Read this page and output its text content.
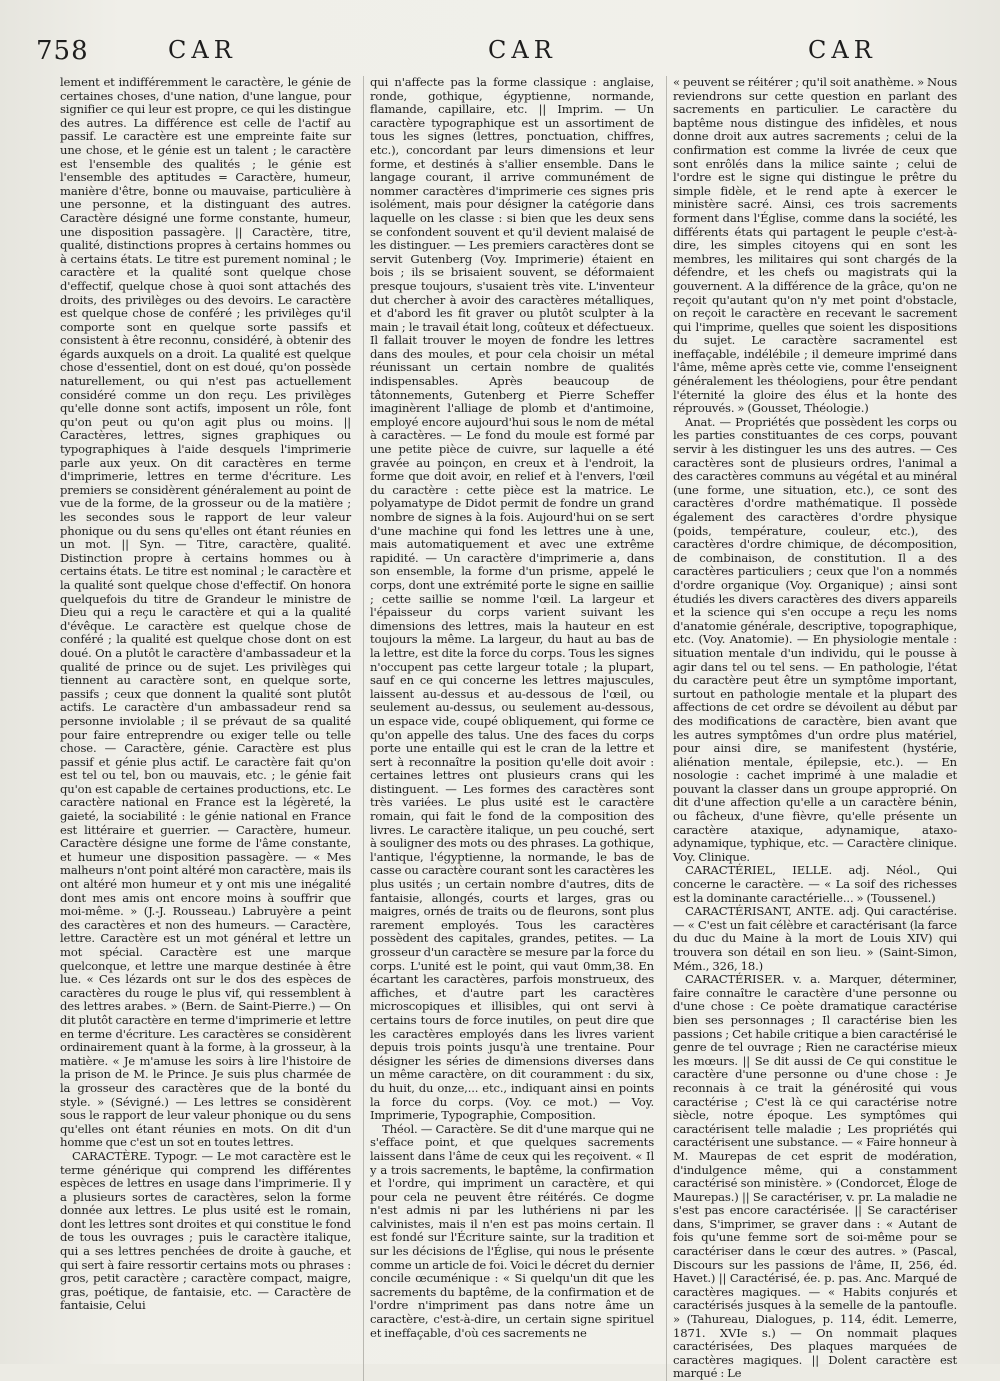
758	CAR	CAR	CAR

lement et indifféremment le caractère, le génie de certaines choses, d'une nation, d'une langue, pour signifier ce qui leur est propre, ce qui les distingue des autres. La différence est celle de l'actif au passif. Le caractère est une empreinte faite sur une chose, et le génie est un talent ; le caractère est l'ensemble des qualités ; le génie est l'ensemble des aptitudes = Caractère, humeur, manière d'être, bonne ou mauvaise, particulière à une personne, et la distinguant des autres. Caractère désigné une forme constante, humeur, une disposition passagère. || Caractère, titre, qualité, distinctions propres à certains hommes ou à certains états. Le titre est purement nominal ; le caractère et la qualité sont quelque chose d'effectif, quelque chose à quoi sont attachés des droits, des privilèges ou des devoirs. Le caractère est quelque chose de conféré ; les privilèges qu'il comporte sont en quelque sorte passifs et consistent à être reconnu, considéré, à obtenir des égards auxquels on a droit. La qualité est quelque chose d'essentiel, dont on est doué, qu'on possède naturellement, ou qui n'est pas actuellement considéré comme un don reçu. Les privilèges qu'elle donne sont actifs, imposent un rôle, font qu'on peut ou qu'on agit plus ou moins. || Caractères, lettres, signes graphiques ou typographiques à l'aide desquels l'imprimerie parle aux yeux. On dit caractères en terme d'imprimerie, lettres en terme d'écriture. Les premiers se considèrent généralement au point de vue de la forme, de la grosseur ou de la matière ; les secondes sous le rapport de leur valeur phonique ou du sens qu'elles ont étant réunies en un mot. || Syn. — Titre, caractère, qualité. Distinction propre à certains hommes ou à certains états. Le titre est nominal ; le caractère et la qualité sont quelque chose d'effectif. On honora quelquefois du titre de Grandeur le ministre de Dieu qui a reçu le caractère et qui a la qualité d'évêque. Le caractère est quelque chose de conféré ; la qualité est quelque chose dont on est doué. On a plutôt le caractère d'ambassadeur et la qualité de prince ou de sujet. Les privilèges qui tiennent au caractère sont, en quelque sorte, passifs ; ceux que donnent la qualité sont plutôt actifs. Le caractère d'un ambassadeur rend sa personne inviolable ; il se prévaut de sa qualité pour faire entreprendre ou exiger telle ou telle chose. — Caractère, génie. Caractère est plus passif et génie plus actif. Le caractère fait qu'on est tel ou tel, bon ou mauvais, etc. ; le génie fait qu'on est capable de certaines productions, etc. Le caractère national en France est la légèreté, la gaieté, la sociabilité : le génie national en France est littéraire et guerrier. — Caractère, humeur. Caractère désigne une forme de l'âme constante, et humeur une disposition passagère. — « Mes malheurs n'ont point altéré mon caractère, mais ils ont altéré mon humeur et y ont mis une inégalité dont mes amis ont encore moins à souffrir que moi-même. » (J.-J. Rousseau.) Labruyère a peint des caractères et non des humeurs. — Caractère, lettre. Caractère est un mot général et lettre un mot spécial. Caractère est une marque quelconque, et lettre une marque destinée à être lue. « Ces lézards ont sur le dos des espèces de caractères du rouge le plus vif, qui ressemblent à des lettres arabes. » (Bern. de Saint-Pierre.) — On dit plutôt caractère en terme d'imprimerie et lettre en terme d'écriture. Les caractères se considèrent ordinairement quant à la forme, à la grosseur, à la matière. « Je m'amuse les soirs à lire l'histoire de la prison de M. le Prince. Je suis plus charmée de la grosseur des caractères que de la bonté du style. » (Sévigné.) — Les lettres se considèrent sous le rapport de leur valeur phonique ou du sens qu'elles ont étant réunies en mots. On dit d'un homme que c'est un sot en toutes lettres.

CARACTÈRE. Typogr. — Le mot caractère est le terme générique qui comprend les différentes espèces de lettres en usage dans l'imprimerie. Il y a plusieurs sortes de caractères, selon la forme donnée aux lettres. Le plus usité est le romain, dont les lettres sont droites et qui constitue le fond de tous les ouvrages ; puis le caractère italique, qui a ses lettres penchées de droite à gauche, et qui sert à faire ressortir certains mots ou phrases : gros, petit caractère ; caractère compact, maigre, gras, poétique, de fantaisie, etc. — Caractère de fantaisie, Celui

qui n'affecte pas la forme classique : anglaise, ronde, gothique, égyptienne, normande, flamande, capillaire, etc. || Imprim. — Un caractère typographique est un assortiment de tous les signes (lettres, ponctuation, chiffres, etc.), concordant par leurs dimensions et leur forme, et destinés à s'allier ensemble. Dans le langage courant, il arrive communément de nommer caractères d'imprimerie ces signes pris isolément, mais pour désigner la catégorie dans laquelle on les classe : si bien que les deux sens se confondent souvent et qu'il devient malaisé de les distinguer. — Les premiers caractères dont se servit Gutenberg (Voy. Imprimerie) étaient en bois ; ils se brisaient souvent, se déformaient presque toujours, s'usaient très vite. L'inventeur dut chercher à avoir des caractères métalliques, et d'abord les fit graver ou plutôt sculpter à la main ; le travail était long, coûteux et défectueux. Il fallait trouver le moyen de fondre les lettres dans des moules, et pour cela choisir un métal réunissant un certain nombre de qualités indispensables. Après beaucoup de tâtonnements, Gutenberg et Pierre Scheffer imaginèrent l'alliage de plomb et d'antimoine, employé encore aujourd'hui sous le nom de métal à caractères. — Le fond du moule est formé par une petite pièce de cuivre, sur laquelle a été gravée au poinçon, en creux et à l'endroit, la forme que doit avoir, en relief et à l'envers, l'œil du caractère : cette pièce est la matrice. Le polyamatype de Didot permit de fondre un grand nombre de signes à la fois. Aujourd'hui on se sert d'une machine qui fond les lettres une à une, mais automatiquement et avec une extrême rapidité. — Un caractère d'imprimerie a, dans son ensemble, la forme d'un prisme, appelé le corps, dont une extrémité porte le signe en saillie ; cette saillie se nomme l'œil. La largeur et l'épaisseur du corps varient suivant les dimensions des lettres, mais la hauteur en est toujours la même. La largeur, du haut au bas de la lettre, est dite la force du corps. Tous les signes n'occupent pas cette largeur totale ; la plupart, sauf en ce qui concerne les lettres majuscules, laissent au-dessus et au-dessous de l'œil, ou seulement au-dessus, ou seulement au-dessous, un espace vide, coupé obliquement, qui forme ce qu'on appelle des talus. Une des faces du corps porte une entaille qui est le cran de la lettre et sert à reconnaître la position qu'elle doit avoir : certaines lettres ont plusieurs crans qui les distinguent. — Les formes des caractères sont très variées. Le plus usité est le caractère romain, qui fait le fond de la composition des livres. Le caractère italique, un peu couché, sert à souligner des mots ou des phrases. La gothique, l'antique, l'égyptienne, la normande, le bas de casse ou caractère courant sont les caractères les plus usités ; un certain nombre d'autres, dits de fantaisie, allongés, courts et larges, gras ou maigres, ornés de traits ou de fleurons, sont plus rarement employés. Tous les caractères possèdent des capitales, grandes, petites. — La grosseur d'un caractère se mesure par la force du corps. L'unité est le point, qui vaut 0mm,38. En écartant les caractères, parfois monstrueux, des affiches, et d'autre part les caractères microscopiques et illisibles, qui ont servi à certains tours de force inutiles, on peut dire que les caractères employés dans les livres varient depuis trois points jusqu'à une trentaine. Pour désigner les séries de dimensions diverses dans un même caractère, on dit couramment : du six, du huit, du onze,... etc., indiquant ainsi en points la force du corps. (Voy. ce mot.) — Voy. Imprimerie, Typographie, Composition.

Théol. — Caractère. Se dit d'une marque qui ne s'efface point, et que quelques sacrements laissent dans l'âme de ceux qui les reçoivent. « Il y a trois sacrements, le baptême, la confirmation et l'ordre, qui impriment un caractère, et qui pour cela ne peuvent être réitérés. Ce dogme n'est admis ni par les luthériens ni par les calvinistes, mais il n'en est pas moins certain. Il est fondé sur l'Écriture sainte, sur la tradition et sur les décisions de l'Église, qui nous le présente comme un article de foi. Voici le décret du dernier concile œcuménique : « Si quelqu'un dit que les sacrements du baptême, de la confirmation et de l'ordre n'impriment pas dans notre âme un caractère, c'est-à-dire, un certain signe spirituel et ineffaçable, d'où ces sacrements ne

« peuvent se réitérer ; qu'il soit anathème. » Nous reviendrons sur cette question en parlant des sacrements en particulier. Le caractère du baptême nous distingue des infidèles, et nous donne droit aux autres sacrements ; celui de la confirmation est comme la livrée de ceux que sont enrôlés dans la milice sainte ; celui de l'ordre est le signe qui distingue le prêtre du simple fidèle, et le rend apte à exercer le ministère sacré. Ainsi, ces trois sacrements forment dans l'Église, comme dans la société, les différents états qui partagent le peuple c'est-à-dire, les simples citoyens qui en sont les membres, les militaires qui sont chargés de la défendre, et les chefs ou magistrats qui la gouvernent. A la différence de la grâce, qu'on ne reçoit qu'autant qu'on n'y met point d'obstacle, on reçoit le caractère en recevant le sacrement qui l'imprime, quelles que soient les dispositions du sujet. Le caractère sacramentel est ineffaçable, indélébile ; il demeure imprimé dans l'âme, même après cette vie, comme l'enseignent généralement les théologiens, pour être pendant l'éternité la gloire des élus et la honte des réprouvés. » (Gousset, Théologie.)

Anat. — Propriétés que possèdent les corps ou les parties constituantes de ces corps, pouvant servir à les distinguer les uns des autres. — Ces caractères sont de plusieurs ordres, l'animal a des caractères communs au végétal et au minéral (une forme, une situation, etc.), ce sont des caractères d'ordre mathématique. Il possède également des caractères d'ordre physique (poids, température, couleur, etc.), des caractères d'ordre chimique, de décomposition, de combinaison, de constitution. Il a des caractères particuliers ; ceux que l'on a nommés d'ordre organique (Voy. Organique) ; ainsi sont étudiés les divers caractères des divers appareils et la science qui s'en occupe a reçu les noms d'anatomie générale, descriptive, topographique, etc. (Voy. Anatomie). — En physiologie mentale : situation mentale d'un individu, qui le pousse à agir dans tel ou tel sens. — En pathologie, l'état du caractère peut être un symptôme important, surtout en pathologie mentale et la plupart des affections de cet ordre se dévoilent au début par des modifications de caractère, bien avant que les autres symptômes d'un ordre plus matériel, pour ainsi dire, se manifestent (hystérie, aliénation mentale, épilepsie, etc.). — En nosologie : cachet imprimé à une maladie et pouvant la classer dans un groupe approprié. On dit d'une affection qu'elle a un caractère bénin, ou fâcheux, d'une fièvre, qu'elle présente un caractère ataxique, adynamique, ataxo-adynamique, typhique, etc. — Caractère clinique. Voy. Clinique.

CARACTÉRIEL, IELLE. adj. Néol., Qui concerne le caractère. — « La soif des richesses est la dominante caractérielle... » (Toussenel.)

CARACTÉRISANT, ANTE. adj. Qui caractérise. — « C'est un fait célèbre et caractérisant (la farce du duc du Maine à la mort de Louis XIV) qui trouvera son détail en son lieu. » (Saint-Simon, Mém., 326, 18.)

CARACTÉRISER. v. a. Marquer, déterminer, faire connaître le caractère d'une personne ou d'une chose : Ce poète dramatique caractérise bien ses personnages ; Il caractérise bien les passions ; Cet habile critique a bien caractérisé le genre de tel ouvrage ; Rien ne caractérise mieux les mœurs. || Se dit aussi de Ce qui constitue le caractère d'une personne ou d'une chose : Je reconnais à ce trait la générosité qui vous caractérise ; C'est là ce qui caractérise notre siècle, notre époque. Les symptômes qui caractérisent telle maladie ; Les propriétés qui caractérisent une substance. — « Faire honneur à M. Maurepas de cet esprit de modération, d'indulgence même, qui a constamment caractérisé son ministère. » (Condorcet, Éloge de Maurepas.) || Se caractériser, v. pr. La maladie ne s'est pas encore caractérisée. || Se caractériser dans, S'imprimer, se graver dans : « Autant de fois qu'une femme sort de soi-même pour se caractériser dans le cœur des autres. » (Pascal, Discours sur les passions de l'âme, II, 256, éd. Havet.) || Caractérisé, ée. p. pas. Anc. Marqué de caractères magiques. — « Habits conjurés et caractérisés jusques à la semelle de la pantoufle. » (Tahureau, Dialogues, p. 114, édit. Lemerre, 1871. XVIe s.) — On nommait plaques caractérisées, Des plaques marquées de caractères magiques. || Dolent caractère est marqué : Le
